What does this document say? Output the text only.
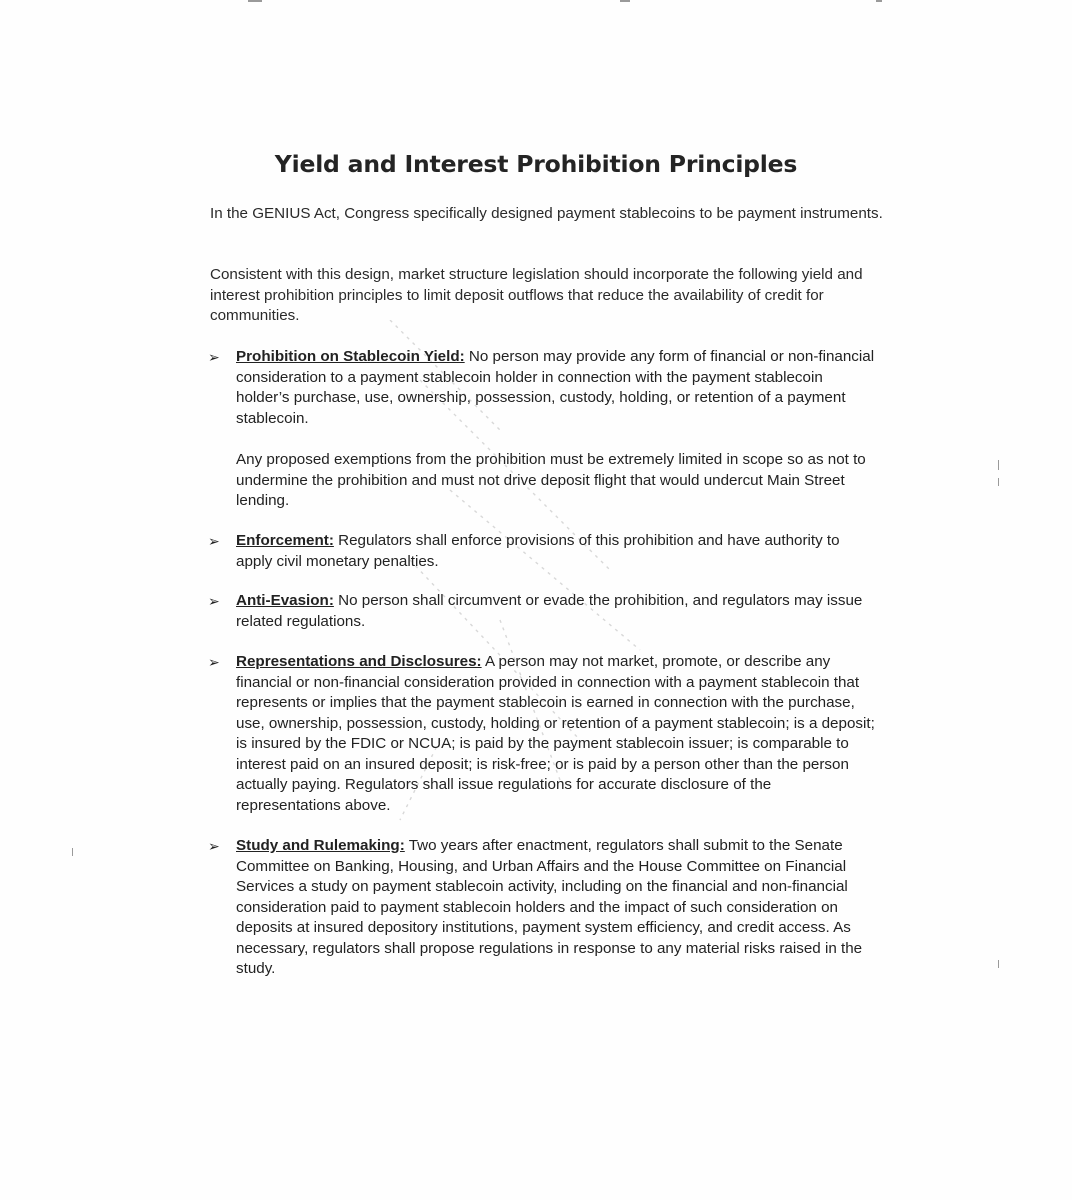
Yield and Interest Prohibition Principles
In the GENIUS Act, Congress specifically designed payment stablecoins to be payment instruments.
Consistent with this design, market structure legislation should incorporate the following yield and interest prohibition principles to limit deposit outflows that reduce the availability of credit for communities.
➢ Prohibition on Stablecoin Yield: No person may provide any form of financial or non-financial consideration to a payment stablecoin holder in connection with the payment stablecoin holder’s purchase, use, ownership, possession, custody, holding, or retention of a payment stablecoin.
Any proposed exemptions from the prohibition must be extremely limited in scope so as not to undermine the prohibition and must not drive deposit flight that would undercut Main Street lending.
➢ Enforcement: Regulators shall enforce provisions of this prohibition and have authority to apply civil monetary penalties.
➢ Anti-Evasion: No person shall circumvent or evade the prohibition, and regulators may issue related regulations.
➢ Representations and Disclosures: A person may not market, promote, or describe any financial or non-financial consideration provided in connection with a payment stablecoin that represents or implies that the payment stablecoin is earned in connection with the purchase, use, ownership, possession, custody, holding or retention of a payment stablecoin; is a deposit; is insured by the FDIC or NCUA; is paid by the payment stablecoin issuer; is comparable to interest paid on an insured deposit; is risk-free; or is paid by a person other than the person actually paying. Regulators shall issue regulations for accurate disclosure of the representations above.
➢ Study and Rulemaking: Two years after enactment, regulators shall submit to the Senate Committee on Banking, Housing, and Urban Affairs and the House Committee on Financial Services a study on payment stablecoin activity, including on the financial and non-financial consideration paid to payment stablecoin holders and the impact of such consideration on deposits at insured depository institutions, payment system efficiency, and credit access. As necessary, regulators shall propose regulations in response to any material risks raised in the study.
